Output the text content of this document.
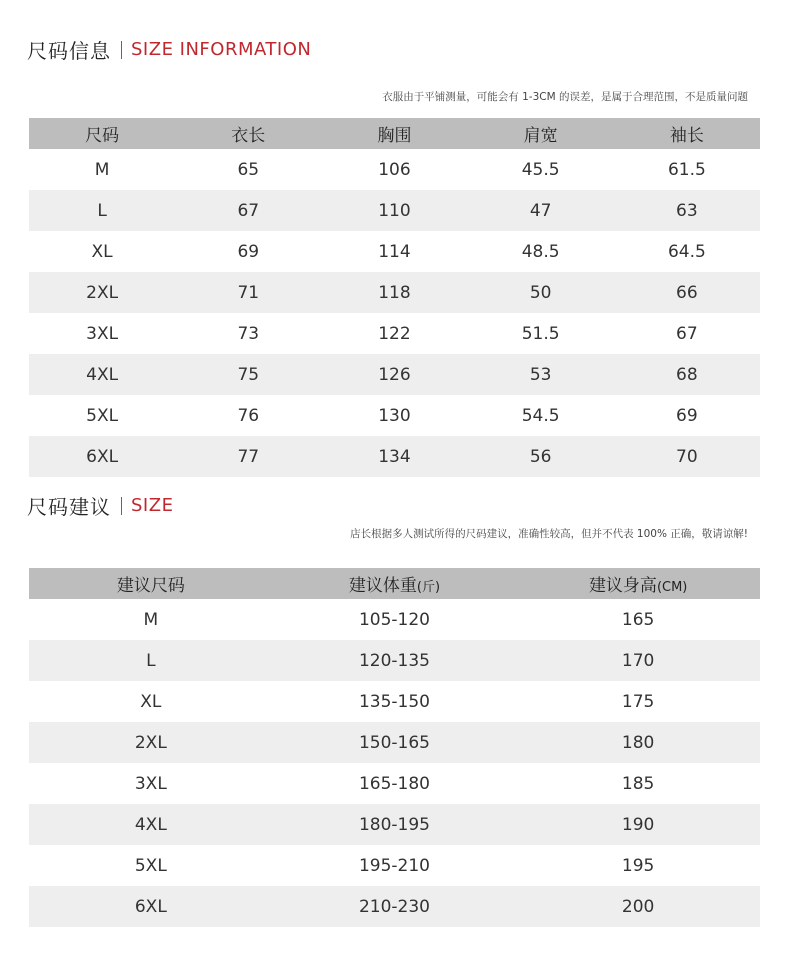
尺码信息 SIZE INFORMATION
衣服由于平铺测量，可能会有 1-3CM 的误差，是属于合理范围，不是质量问题
尺码	衣长	胸围	肩宽	袖长
M	65	106	45.5	61.5
L	67	110	47	63
XL	69	114	48.5	64.5
2XL	71	118	50	66
3XL	73	122	51.5	67
4XL	75	126	53	68
5XL	76	130	54.5	69
6XL	77	134	56	70
尺码建议 SIZE
店长根据多人测试所得的尺码建议，准确性较高，但并不代表 100% 正确，敬请谅解!
建议尺码	建议体重(斤)	建议身高(CM)
M	105-120	165
L	120-135	170
XL	135-150	175
2XL	150-165	180
3XL	165-180	185
4XL	180-195	190
5XL	195-210	195
6XL	210-230	200
